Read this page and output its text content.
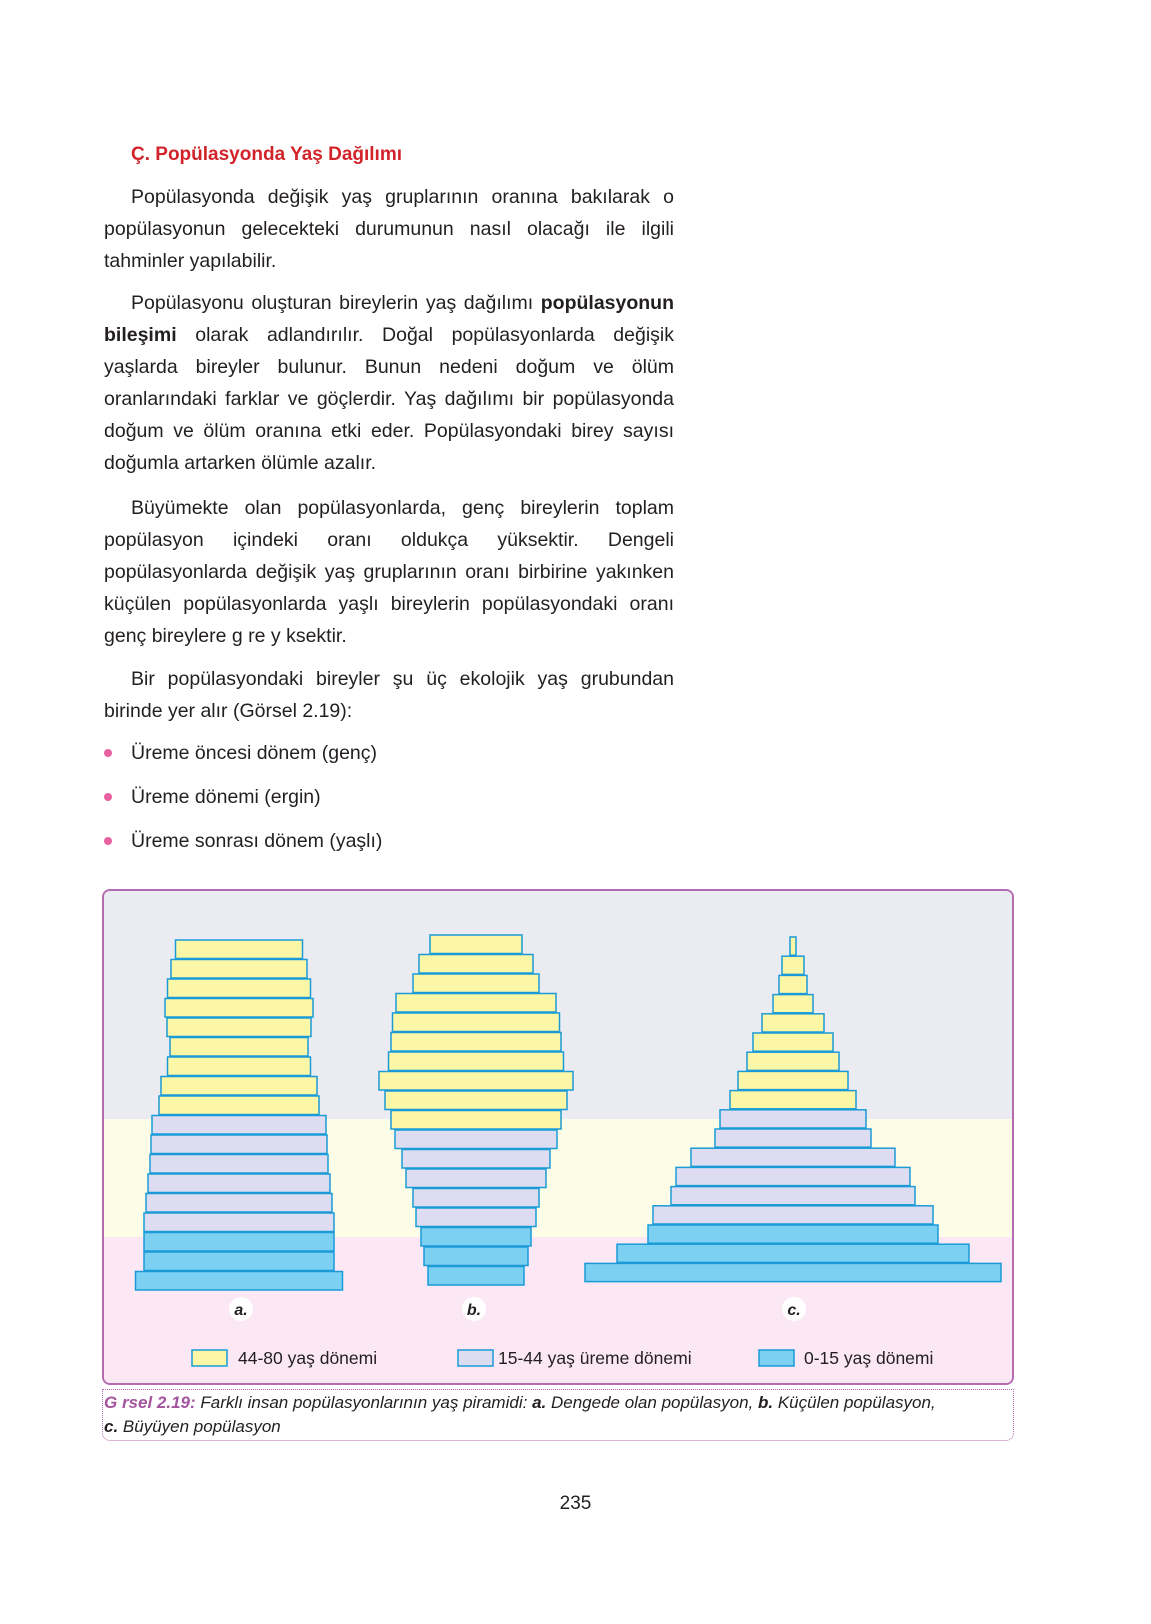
Ç. Popülasyonda Yaş Dağılımı

Popülasyonda değişik yaş gruplarının oranına bakılarak o popülasyonun gelecekteki durumunun nasıl olacağı ile ilgili tahminler yapılabilir.

Popülasyonu oluşturan bireylerin yaş dağılımı popülasyonun bileşimi olarak adlandırılır. Doğal popülasyonlarda değişik yaşlarda bireyler bulunur. Bunun nedeni doğum ve ölüm oranlarındaki farklar ve göçlerdir. Yaş dağılımı bir popülasyonda doğum ve ölüm oranına etki eder. Popülasyondaki birey sayısı doğumla artarken ölümle azalır.

Büyümekte olan popülasyonlarda, genç bireylerin toplam popülasyon içindeki oranı oldukça yüksektir. Dengeli popülasyonlarda değişik yaş gruplarının oranı birbirine yakınken küçülen popülasyonlarda yaşlı bireylerin popülasyondaki oranı genç bireylere g re y ksektir.

Bir popülasyondaki bireyler şu üç ekolojik yaş grubundan birinde yer alır (Görsel 2.19):

Üreme öncesi dönem (genç)
Üreme dönemi (ergin)
Üreme sonrası dönem (yaşlı)
a.	b.	c.
44-80 yaş dönemi	15-44 yaş üreme dönemi	0-15 yaş dönemi
G rsel 2.19: Farklı insan popülasyonlarının yaş piramidi: a. Dengede olan popülasyon, b. Küçülen popülasyon,
c. Büyüyen popülasyon
235
